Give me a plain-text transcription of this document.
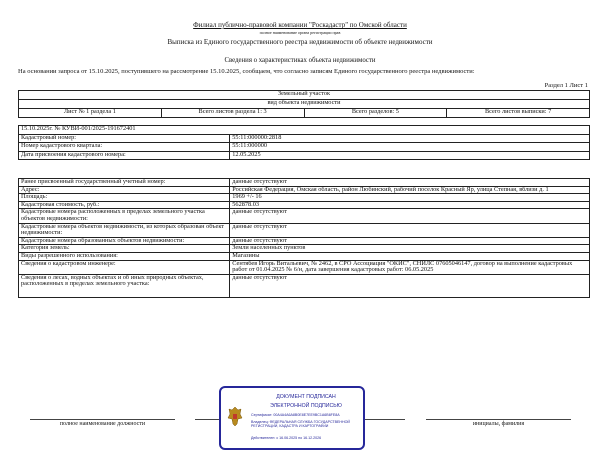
Филиал публично-правовой компании "Роскадастр" по Омской области
полное наименование органа регистрации прав
Выписка из Единого государственного реестра недвижимости об объекте недвижимости
Сведения о характеристиках объекта недвижимости
На основании запроса от 15.10.2025, поступившего на рассмотрение 15.10.2025, сообщаем, что согласно записям Единого государственного реестра недвижимости:
Раздел 1 Лист 1
Земельный участок
вид объекта недвижимости
Лист № 1 раздела 1	Всего листов раздела 1: 3	Всего разделов: 5	Всего листов выписки: 7
15.10.2025г. № КУВИ-001/2025-191672401	
Кадастровый номер:	55:11:000000:2818
Номер кадастрового квартала:	55:11:000000
Дата присвоения кадастрового номера:	12.05.2025
Ранее присвоенный государственный учетный номер:	данные отсутствуют
Адрес:	Российская Федерация, Омская область, район Любинский, рабочий поселок Красный Яр, улица Степная, вблизи д. 1
Площадь:	1969 +/- 16
Кадастровая стоимость, руб.:	562878.03
Кадастровые номера расположенных в пределах земельного участка объектов недвижимости:	данные отсутствуют
Кадастровые номера объектов недвижимости, из которых образован объект недвижимости:	данные отсутствуют
Кадастровые номера образованных объектов недвижимости:	данные отсутствуют
Категория земель:	Земли населенных пунктов
Виды разрешенного использования:	Магазины
Сведения о кадастровом инженере:	Сентябев Игорь Витальевич, № 2462, в СРО Ассоциация "ОКИС", СНИЛС 07605046147, договор на выполнение кадастровых работ от 01.04.2025 № 6/н, дата завершения кадастровых работ: 06.05.2025
Сведения о лесах, водных объектах и об иных природных объектах, расположенных в пределах земельного участка:	данные отсутствуют
полное наименование должности	инициалы, фамилия
ДОКУМЕНТ ПОДПИСАН
ЭЛЕКТРОННОЙ ПОДПИСЬЮ
Сертификат: 00A4A4A6A8B0E8E7EE9BC1A6B6FE8A
Владелец: ФЕДЕРАЛЬНАЯ СЛУЖБА ГОСУДАРСТВЕННОЙ РЕГИСТРАЦИИ, КАДАСТРА И КАРТОГРАФИИ
Действителен: с 16.06.2025 по 16.12.2026
